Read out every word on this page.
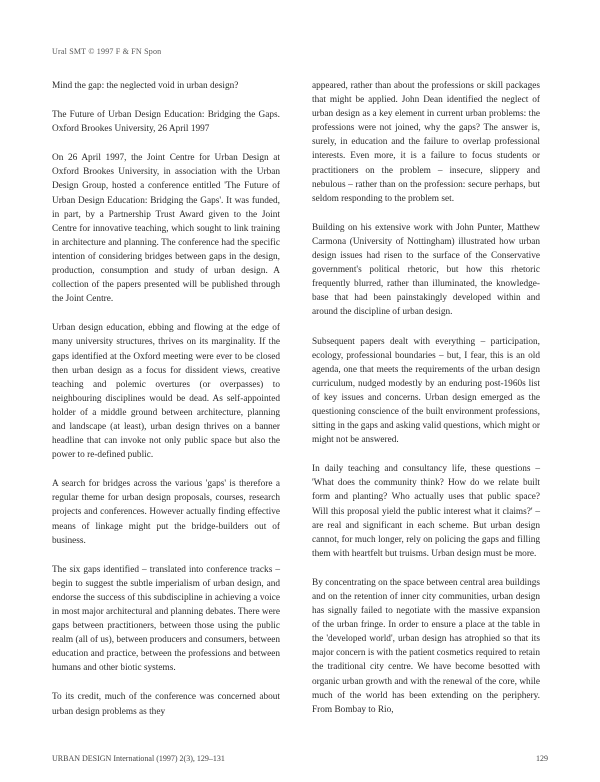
Ural SMT © 1997 F & FN Spon

Mind the gap: the neglected void in urban design?

The Future of Urban Design Education: Bridging the Gaps. Oxford Brookes University, 26 April 1997

On 26 April 1997, the Joint Centre for Urban Design at Oxford Brookes University, in association with the Urban Design Group, hosted a conference entitled 'The Future of Urban Design Education: Bridging the Gaps'. It was funded, in part, by a Partnership Trust Award given to the Joint Centre for innovative teaching, which sought to link training in architecture and planning. The conference had the specific intention of considering bridges between gaps in the design, production, consumption and study of urban design. A collection of the papers presented will be published through the Joint Centre.

Urban design education, ebbing and flowing at the edge of many university structures, thrives on its marginality. If the gaps identified at the Oxford meeting were ever to be closed then urban design as a focus for dissident views, creative teaching and polemic overtures (or overpasses) to neighbouring disciplines would be dead. As self-appointed holder of a middle ground between architecture, planning and landscape (at least), urban design thrives on a banner headline that can invoke not only public space but also the power to re-defined public.

A search for bridges across the various 'gaps' is therefore a regular theme for urban design proposals, courses, research projects and conferences. However actually finding effective means of linkage might put the bridge-builders out of business.

The six gaps identified – translated into conference tracks – begin to suggest the subtle imperialism of urban design, and endorse the success of this subdiscipline in achieving a voice in most major architectural and planning debates. There were gaps between practitioners, between those using the public realm (all of us), between producers and consumers, between education and practice, between the professions and between humans and other biotic systems.

To its credit, much of the conference was concerned about urban design problems as they

appeared, rather than about the professions or skill packages that might be applied. John Dean identified the neglect of urban design as a key element in current urban problems: the professions were not joined, why the gaps? The answer is, surely, in education and the failure to overlap professional interests. Even more, it is a failure to focus students or practitioners on the problem – insecure, slippery and nebulous – rather than on the profession: secure perhaps, but seldom responding to the problem set.

Building on his extensive work with John Punter, Matthew Carmona (University of Nottingham) illustrated how urban design issues had risen to the surface of the Conservative government's political rhetoric, but how this rhetoric frequently blurred, rather than illuminated, the knowledge-base that had been painstakingly developed within and around the discipline of urban design.

Subsequent papers dealt with everything – participation, ecology, professional boundaries – but, I fear, this is an old agenda, one that meets the requirements of the urban design curriculum, nudged modestly by an enduring post-1960s list of key issues and concerns. Urban design emerged as the questioning conscience of the built environment professions, sitting in the gaps and asking valid questions, which might or might not be answered.

In daily teaching and consultancy life, these questions – 'What does the community think? How do we relate built form and planting? Who actually uses that public space? Will this proposal yield the public interest what it claims?' – are real and significant in each scheme. But urban design cannot, for much longer, rely on policing the gaps and filling them with heartfelt but truisms. Urban design must be more.

By concentrating on the space between central area buildings and on the retention of inner city communities, urban design has signally failed to negotiate with the massive expansion of the urban fringe. In order to ensure a place at the table in the 'developed world', urban design has atrophied so that its major concern is with the patient cosmetics required to retain the traditional city centre. We have become besotted with organic urban growth and with the renewal of the core, while much of the world has been extending on the periphery. From Bombay to Rio,

URBAN DESIGN International (1997) 2(3), 129–131	129
